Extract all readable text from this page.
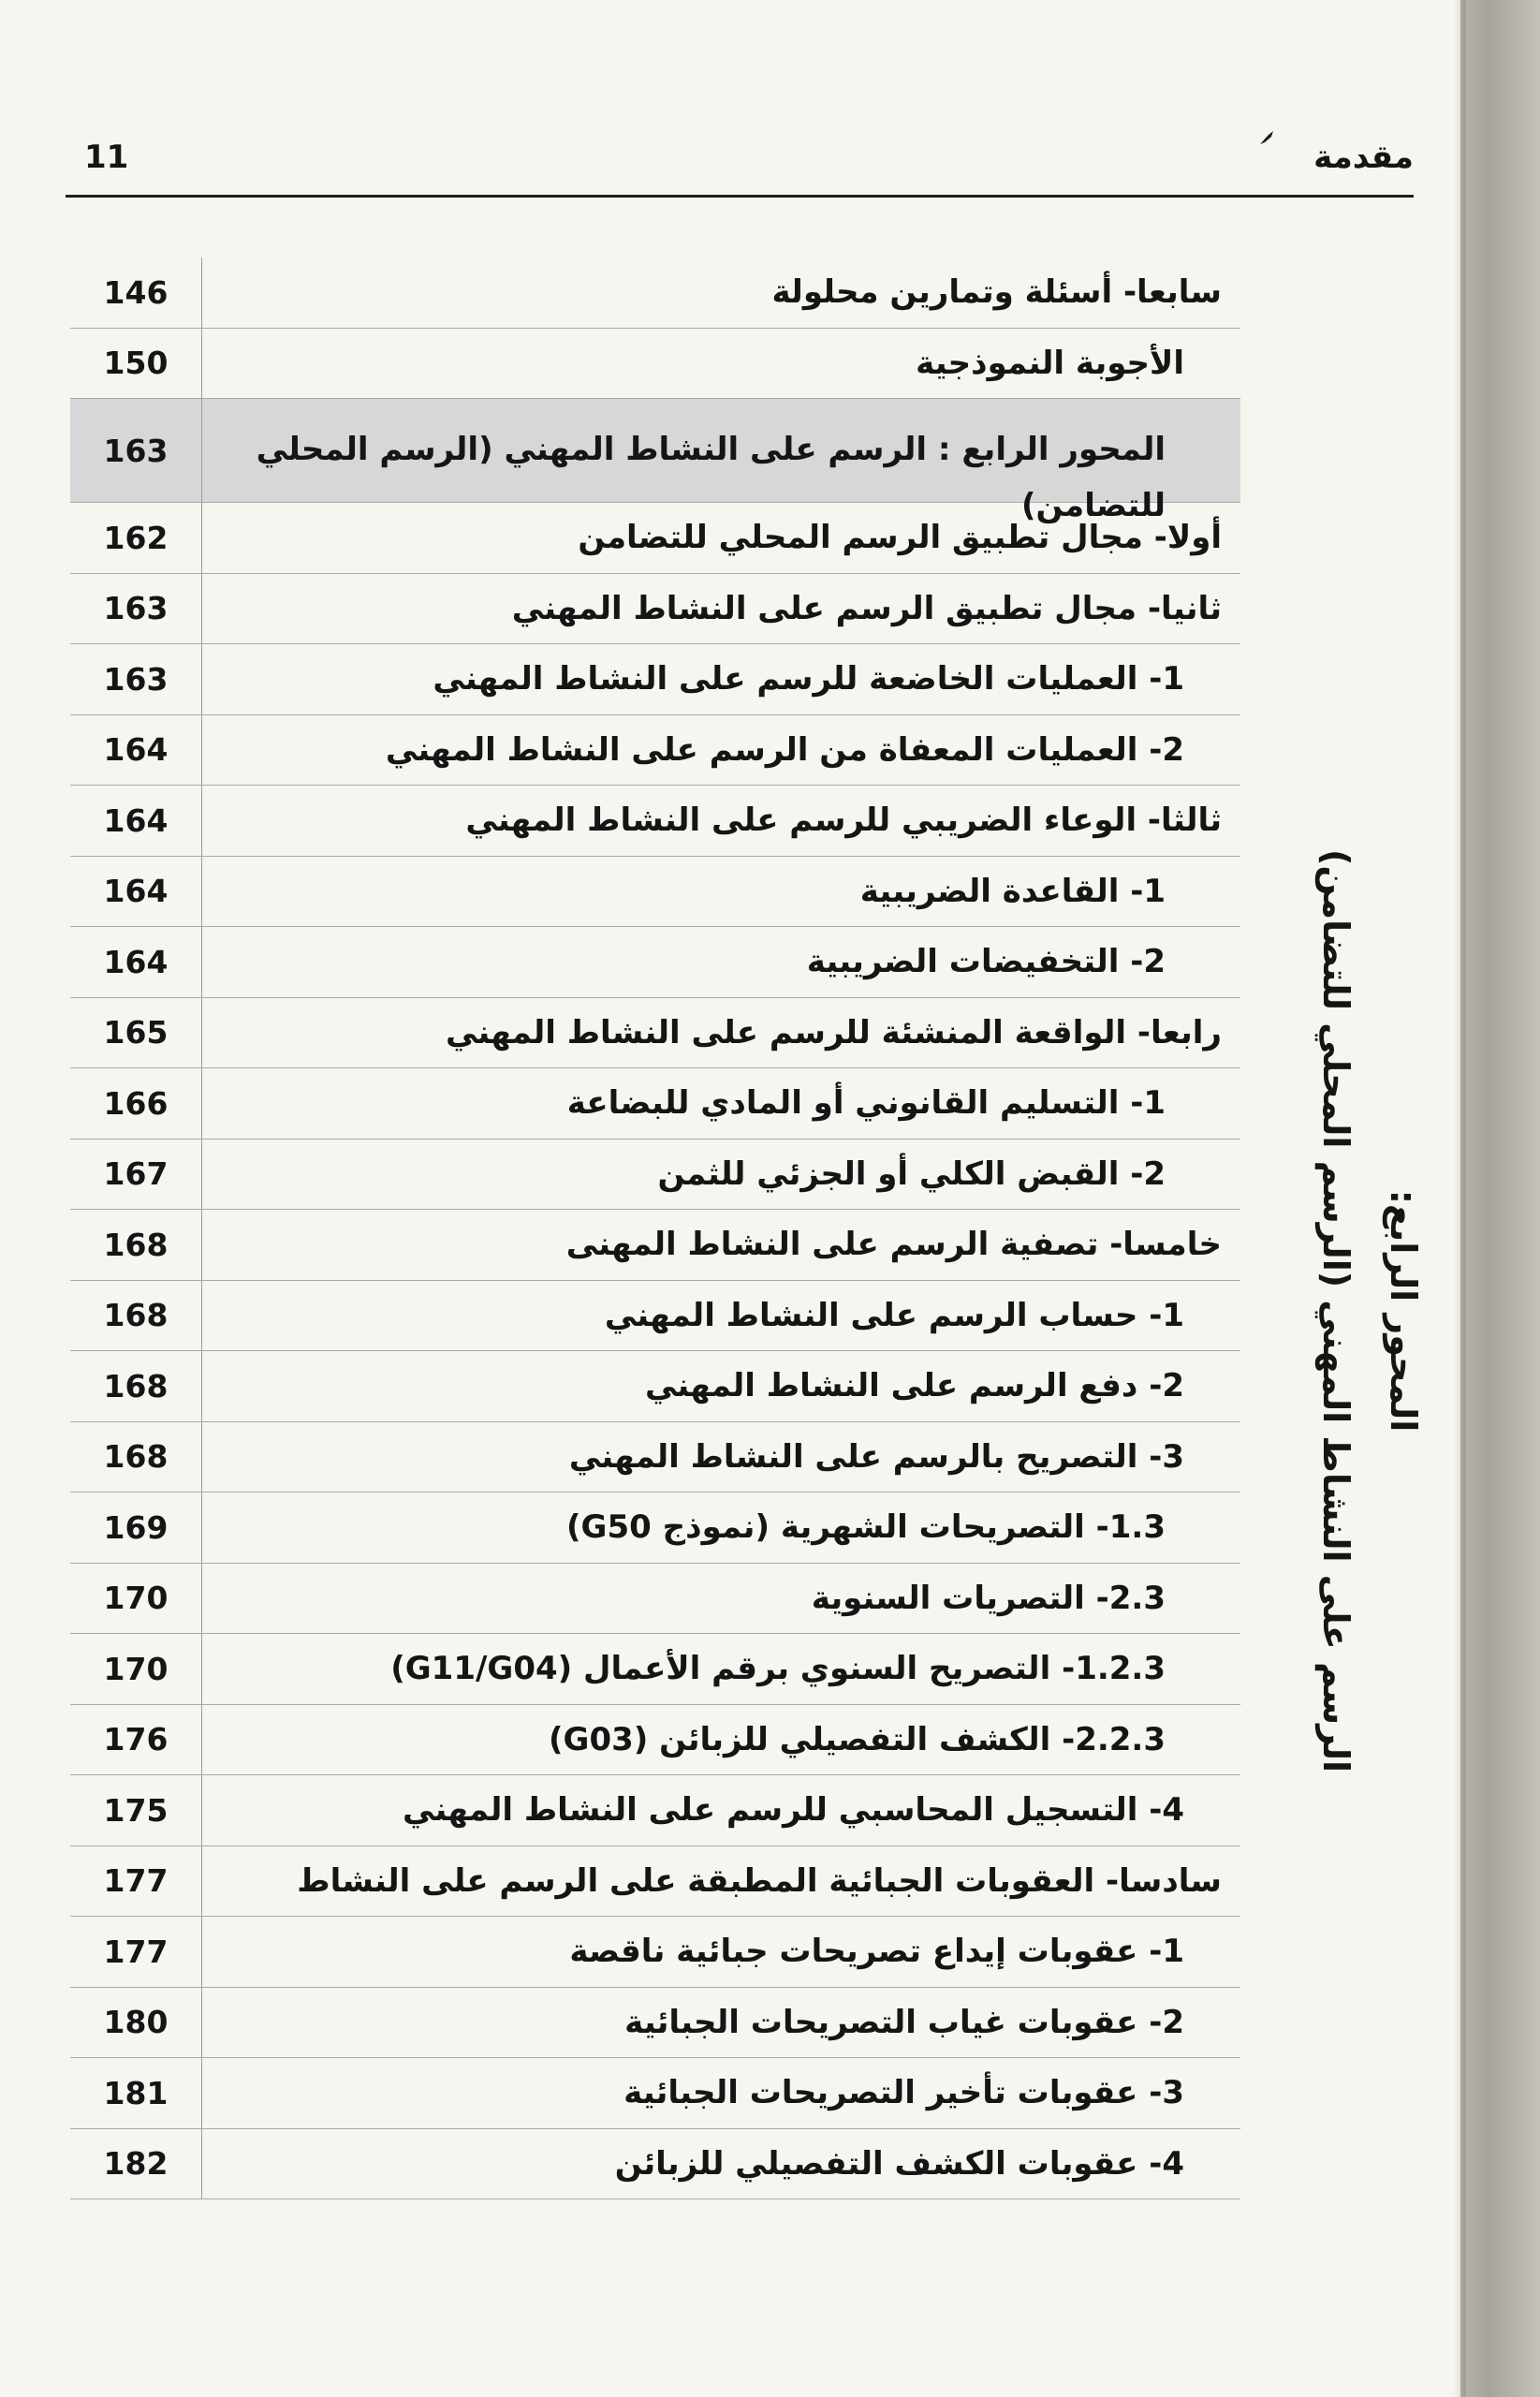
11	مقدمة
146	سابعا- أسئلة وتمارين محلولة
150	الأجوبة النموذجية
163	المحور الرابع : الرسم على النشاط المهني (الرسم المحلي للتضامن)
162	أولا- مجال تطبيق الرسم المحلي للتضامن
163	ثانيا- مجال تطبيق الرسم على النشاط المهني
163	1- العمليات الخاضعة للرسم على النشاط المهني
164	2- العمليات المعفاة من الرسم على النشاط المهني
164	ثالثا- الوعاء الضريبي للرسم على النشاط المهني
164	1- القاعدة الضريبية
164	2- التخفيضات الضريبية
165	رابعا- الواقعة المنشئة للرسم على النشاط المهني
166	1- التسليم القانوني أو المادي للبضاعة
167	2- القبض الكلي أو الجزئي للثمن
168	خامسا- تصفية الرسم على النشاط المهنى
168	1- حساب الرسم على النشاط المهني
168	2- دفع الرسم على النشاط المهني
168	3- التصريح بالرسم على النشاط المهني
169	1.3- التصريحات الشهرية (نموذج G50)
170	2.3- التصريات السنوية
170	1.2.3- التصريح السنوي برقم الأعمال (G11/G04)
176	2.2.3- الكشف التفصيلي للزبائن (G03)
175	4- التسجيل المحاسبي للرسم على النشاط المهني
177	سادسا- العقوبات الجبائية المطبقة على الرسم على النشاط
177	1- عقوبات إيداع تصريحات جبائية ناقصة
180	2- عقوبات غياب التصريحات الجبائية
181	3- عقوبات تأخير التصريحات الجبائية
182	4- عقوبات الكشف التفصيلي للزبائن
المحور الرابع:
الرسم على النشاط المهني (الرسم المحلي للتضامن)
